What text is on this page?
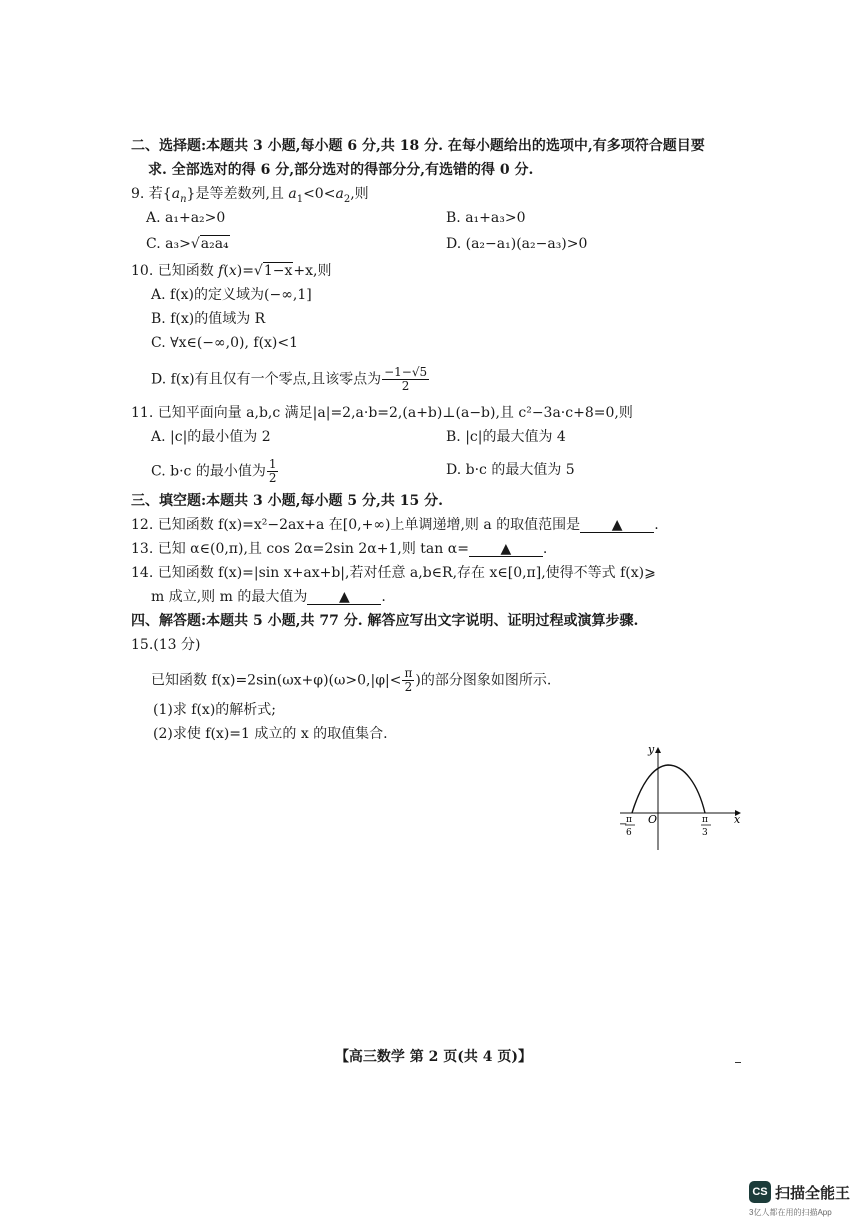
二、选择题:本题共 3 小题,每小题 6 分,共 18 分. 在每小题给出的选项中,有多项符合题目要
求. 全部选对的得 6 分,部分选对的得部分分,有选错的得 0 分.
9. 若$\{a_n\}$是等差数列,且 $a_1<0<a_2$,则
A. a₁+a₂>0	B. a₁+a₃>0
C. a₃>√a₂a₄	D. (a₂−a₁)(a₂−a₃)>0
10. 已知函数 f(x)=√1−x+x,则
A. f(x)的定义域为(−∞,1]
B. f(x)的值域为 R
C. ∀x∈(−∞,0), f(x)<1
D. f(x)有且仅有一个零点,且该零点为 $\frac{-1-√5}{2}$
11. 已知平面向量 a,b,c 满足|a|=2,a·b=2,(a+b)⊥(a−b),且 c²−3a·c+8=0,则
A. |c|的最小值为 2	B. |c|的最大值为 4
C. b·c 的最小值为 $\frac{1}{2}$	D. b·c 的最大值为 5
三、填空题:本题共 3 小题,每小题 5 分,共 15 分.
12. 已知函数 f(x)=x²−2ax+a 在[0,+∞)上单调递增,则 a 的取值范围是 ▲ .
13. 已知 α∈(0,π),且 cos 2α=2sin 2α+1,则 tan α= ▲ .
14. 已知函数 f(x)=|sin x+ax+b|,若对任意 a,b∈R,存在 x∈[0,π],使得不等式 f(x)⩾
m 成立,则 m 的最大值为 ▲ .
四、解答题:本题共 5 小题,共 77 分. 解答应写出文字说明、证明过程或演算步骤.
15.(13 分)
已知函数 $f(x)=2\sin(\omega x+\varphi)(\omega>0,|\varphi|< \frac{\pi}{2}$ )的部分图象如图所示.
(1)求 f(x)的解析式;
(2)求使 f(x)=1 成立的 x 的取值集合.
y
x
O
−
π
6
π
3
【高三数学 第 2 页(共 4 页)】
CS 扫描全能王
3亿人都在用的扫描App
